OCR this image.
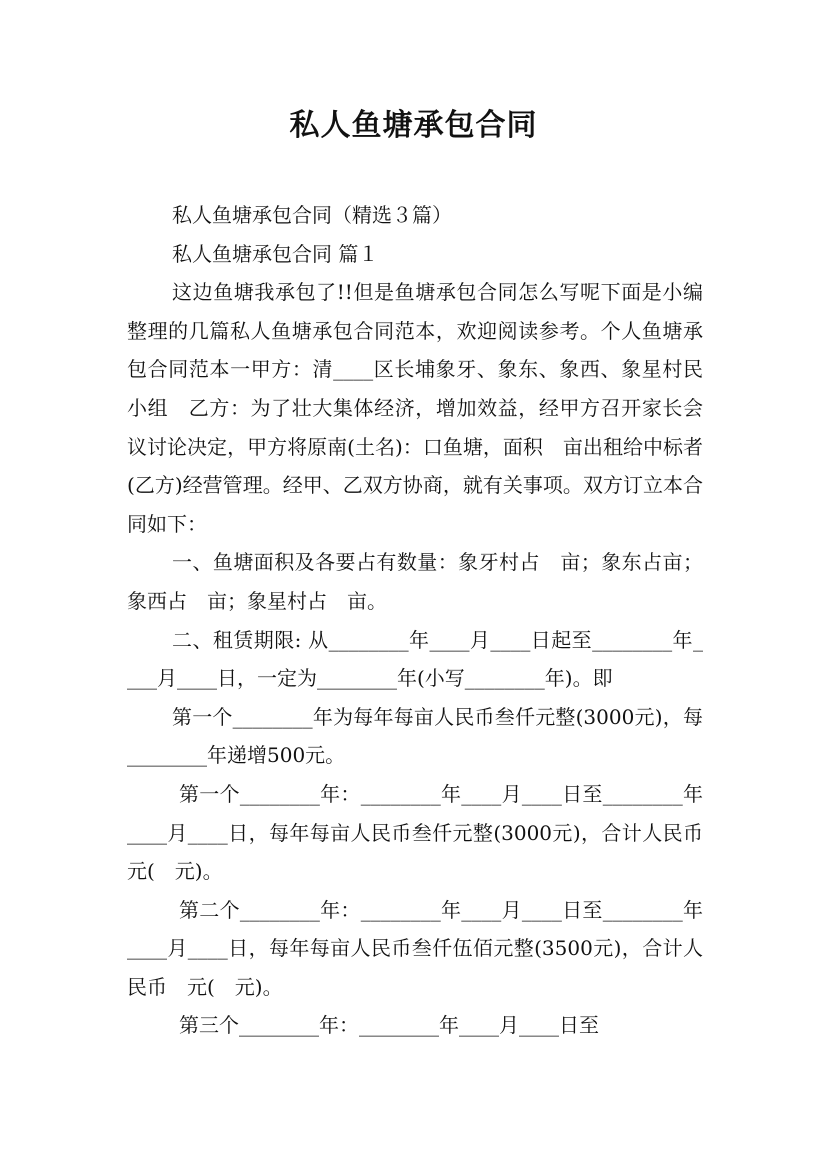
私人鱼塘承包合同

私人鱼塘承包合同（精选３篇）

私人鱼塘承包合同 篇１

这边鱼塘我承包了!!但是鱼塘承包合同怎么写呢下面是小编整理的几篇私人鱼塘承包合同范本，欢迎阅读参考。个人鱼塘承包合同范本一甲方：清____区长埔象牙、象东、象西、象星村民小组　乙方：为了壮大集体经济，增加效益，经甲方召开家长会议讨论决定，甲方将原南(土名)：口鱼塘，面积　亩出租给中标者(乙方)经营管理。经甲、乙双方协商，就有关事项。双方订立本合同如下：

一、鱼塘面积及各要占有数量：象牙村占　亩；象东占亩；象西占　亩；象星村占　亩。

二、租赁期限: 从________年____月____日起至________年____月____日，一定为________年(小写________年)。即

第一个________年为每年每亩人民币叁仟元整(3000元)，每________年递增500元。

第一个________年：________年____月____日至________年____月____日，每年每亩人民币叁仟元整(3000元)，合计人民币　元(　元)。

第二个________年：________年____月____日至________年____月____日，每年每亩人民币叁仟伍佰元整(3500元)，合计人民币　元(　元)。

第三个________年：________年____月____日至
